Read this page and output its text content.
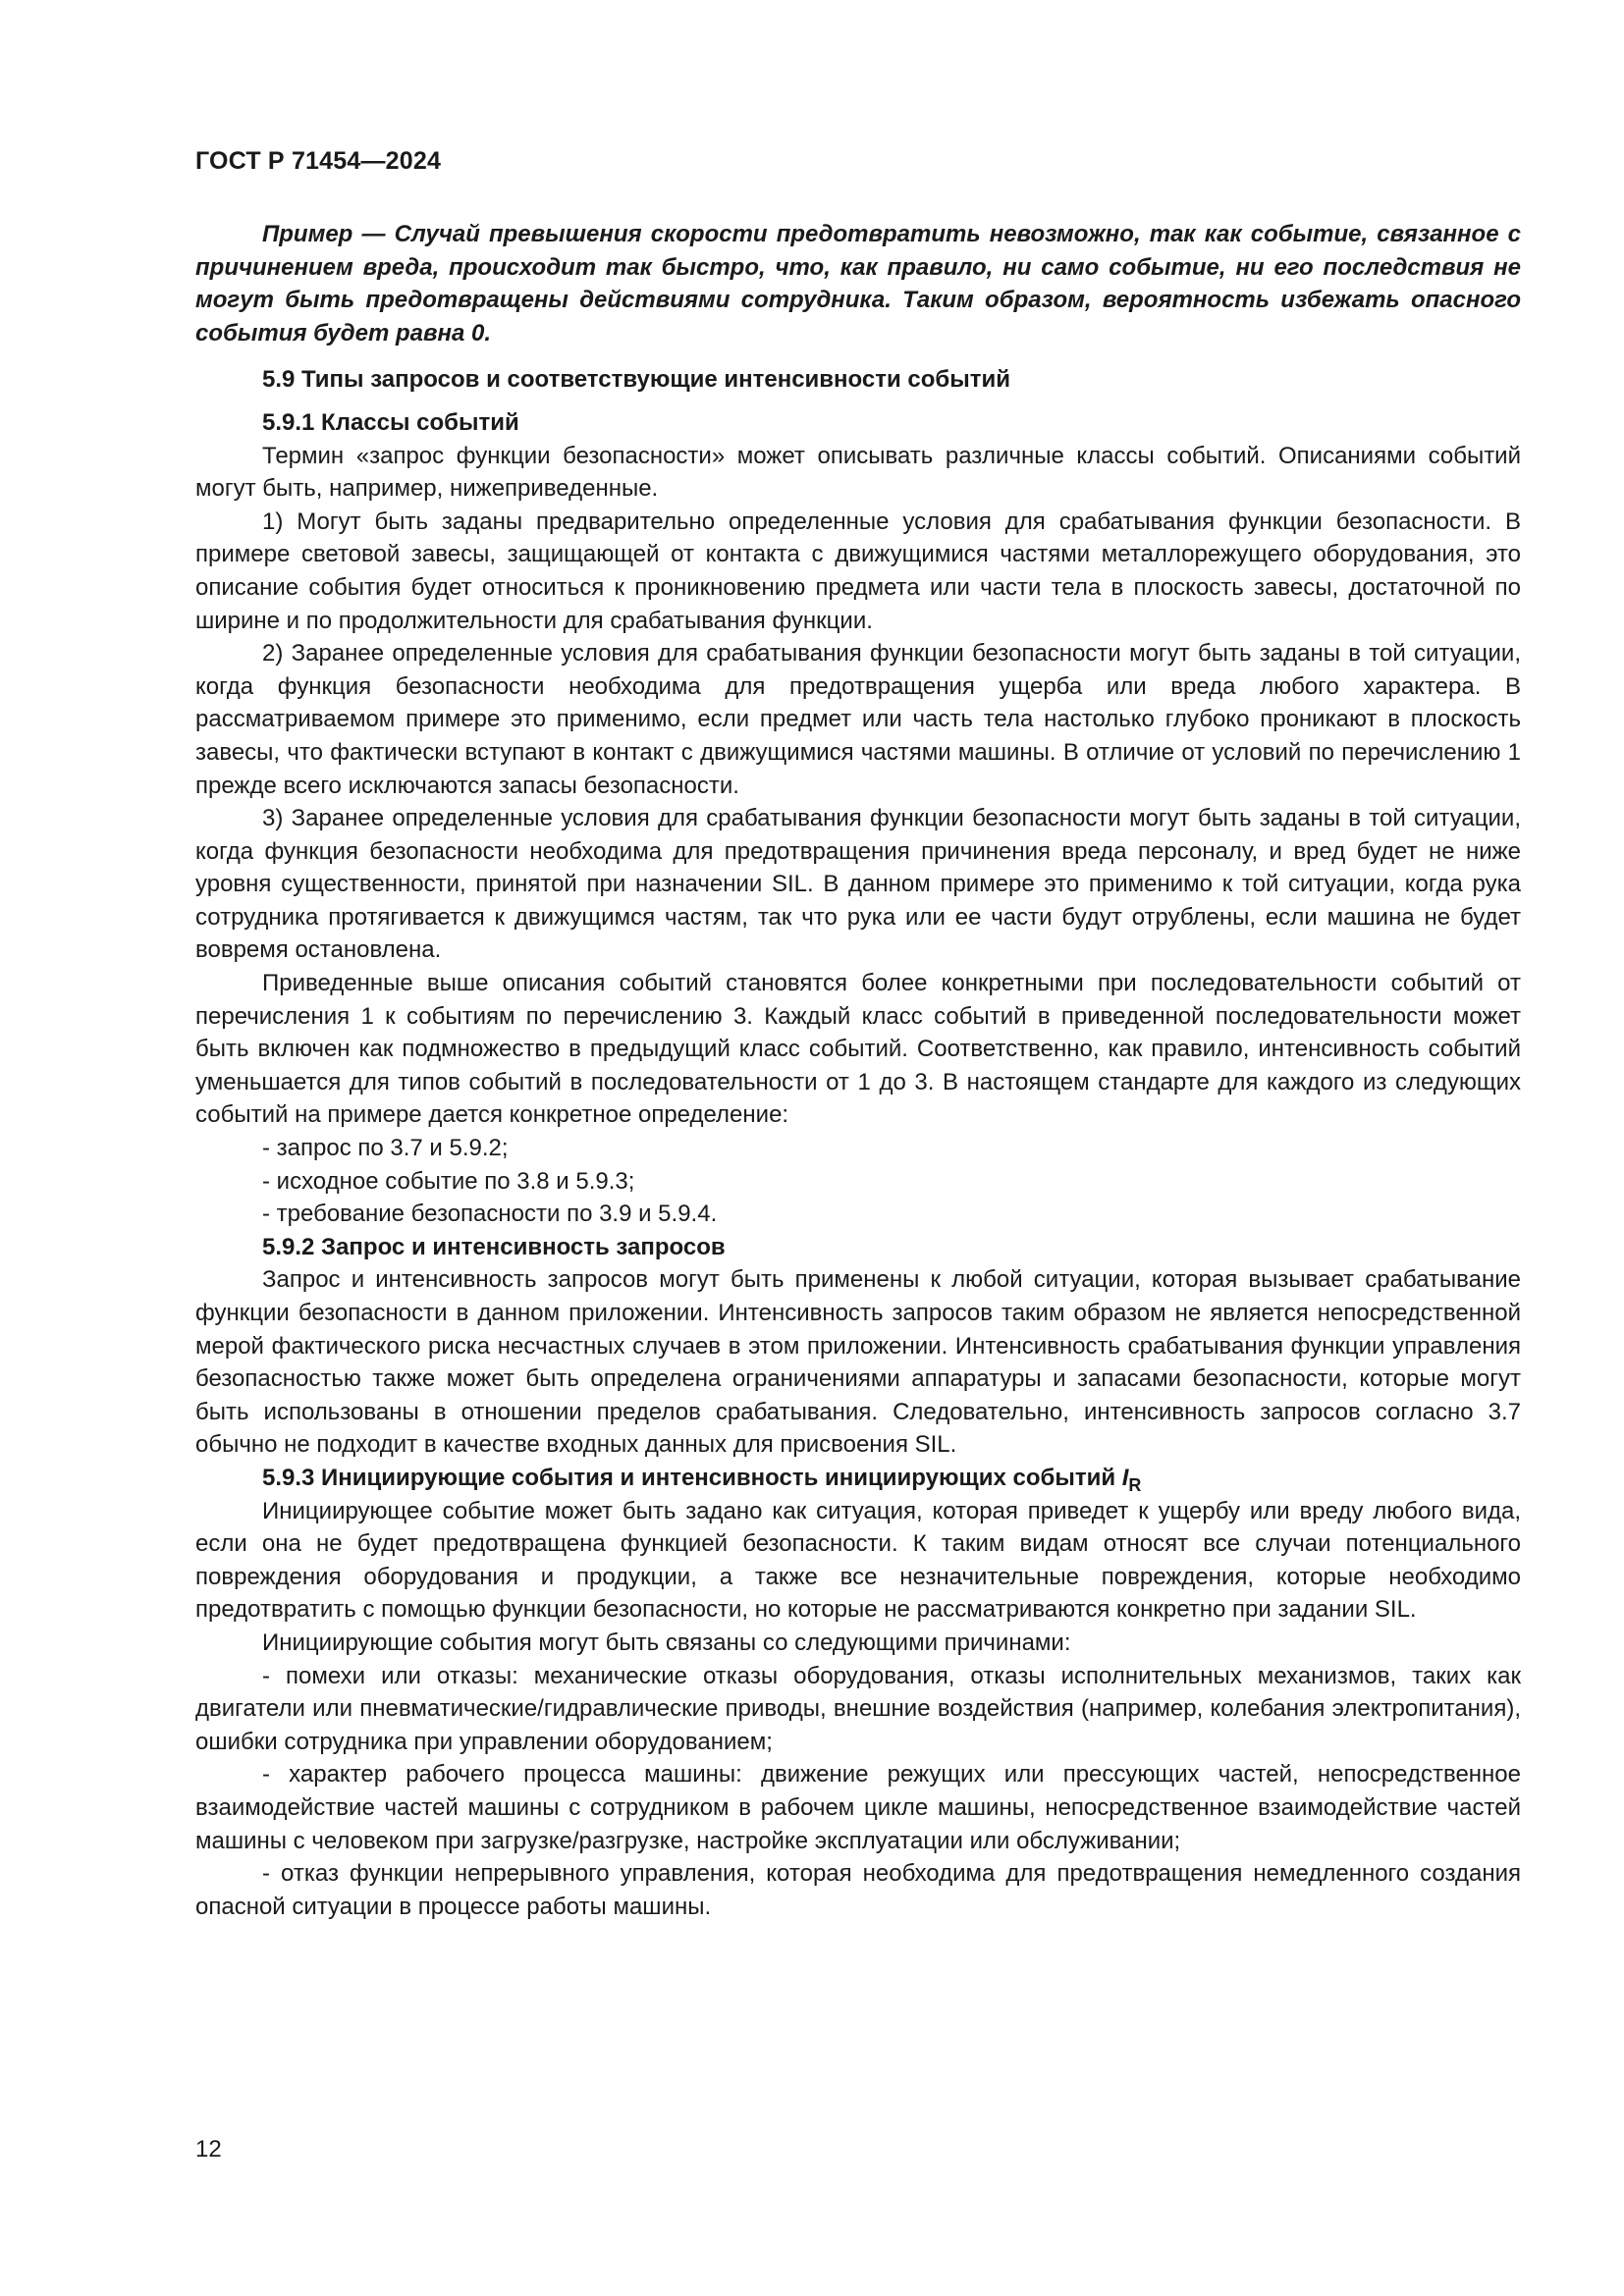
ГОСТ Р 71454—2024

Пример — Случай превышения скорости предотвратить невозможно, так как событие, связанное с причинением вреда, происходит так быстро, что, как правило, ни само событие, ни его последствия не могут быть предотвращены действиями сотрудника. Таким образом, вероятность избежать опасного события будет равна 0.

5.9 Типы запросов и соответствующие интенсивности событий

5.9.1 Классы событий

Термин «запрос функции безопасности» может описывать различные классы событий. Описаниями событий могут быть, например, нижеприведенные.

1) Могут быть заданы предварительно определенные условия для срабатывания функции безопасности. В примере световой завесы, защищающей от контакта с движущимися частями металлорежущего оборудования, это описание события будет относиться к проникновению предмета или части тела в плоскость завесы, достаточной по ширине и по продолжительности для срабатывания функции.

2) Заранее определенные условия для срабатывания функции безопасности могут быть заданы в той ситуации, когда функция безопасности необходима для предотвращения ущерба или вреда любого характера. В рассматриваемом примере это применимо, если предмет или часть тела настолько глубоко проникают в плоскость завесы, что фактически вступают в контакт с движущимися частями машины. В отличие от условий по перечислению 1 прежде всего исключаются запасы безопасности.

3) Заранее определенные условия для срабатывания функции безопасности могут быть заданы в той ситуации, когда функция безопасности необходима для предотвращения причинения вреда персоналу, и вред будет не ниже уровня существенности, принятой при назначении SIL. В данном примере это применимо к той ситуации, когда рука сотрудника протягивается к движущимся частям, так что рука или ее части будут отрублены, если машина не будет вовремя остановлена.

Приведенные выше описания событий становятся более конкретными при последовательности событий от перечисления 1 к событиям по перечислению 3. Каждый класс событий в приведенной последовательности может быть включен как подмножество в предыдущий класс событий. Соответственно, как правило, интенсивность событий уменьшается для типов событий в последовательности от 1 до 3. В настоящем стандарте для каждого из следующих событий на примере дается конкретное определение:

- запрос по 3.7 и 5.9.2;

- исходное событие по 3.8 и 5.9.3;

- требование безопасности по 3.9 и 5.9.4.

5.9.2 Запрос и интенсивность запросов

Запрос и интенсивность запросов могут быть применены к любой ситуации, которая вызывает срабатывание функции безопасности в данном приложении. Интенсивность запросов таким образом не является непосредственной мерой фактического риска несчастных случаев в этом приложении. Интенсивность срабатывания функции управления безопасностью также может быть определена ограничениями аппаратуры и запасами безопасности, которые могут быть использованы в отношении пределов срабатывания. Следовательно, интенсивность запросов согласно 3.7 обычно не подходит в качестве входных данных для присвоения SIL.

5.9.3 Инициирующие события и интенсивность инициирующих событий $I_R$

Инициирующее событие может быть задано как ситуация, которая приведет к ущербу или вреду любого вида, если она не будет предотвращена функцией безопасности. К таким видам относят все случаи потенциального повреждения оборудования и продукции, а также все незначительные повреждения, которые необходимо предотвратить с помощью функции безопасности, но которые не рассматриваются конкретно при задании SIL.

Инициирующие события могут быть связаны со следующими причинами:

- помехи или отказы: механические отказы оборудования, отказы исполнительных механизмов, таких как двигатели или пневматические/гидравлические приводы, внешние воздействия (например, колебания электропитания), ошибки сотрудника при управлении оборудованием;

- характер рабочего процесса машины: движение режущих или прессующих частей, непосредственное взаимодействие частей машины с сотрудником в рабочем цикле машины, непосредственное взаимодействие частей машины с человеком при загрузке/разгрузке, настройке эксплуатации или обслуживании;

- отказ функции непрерывного управления, которая необходима для предотвращения немедленного создания опасной ситуации в процессе работы машины.

12
